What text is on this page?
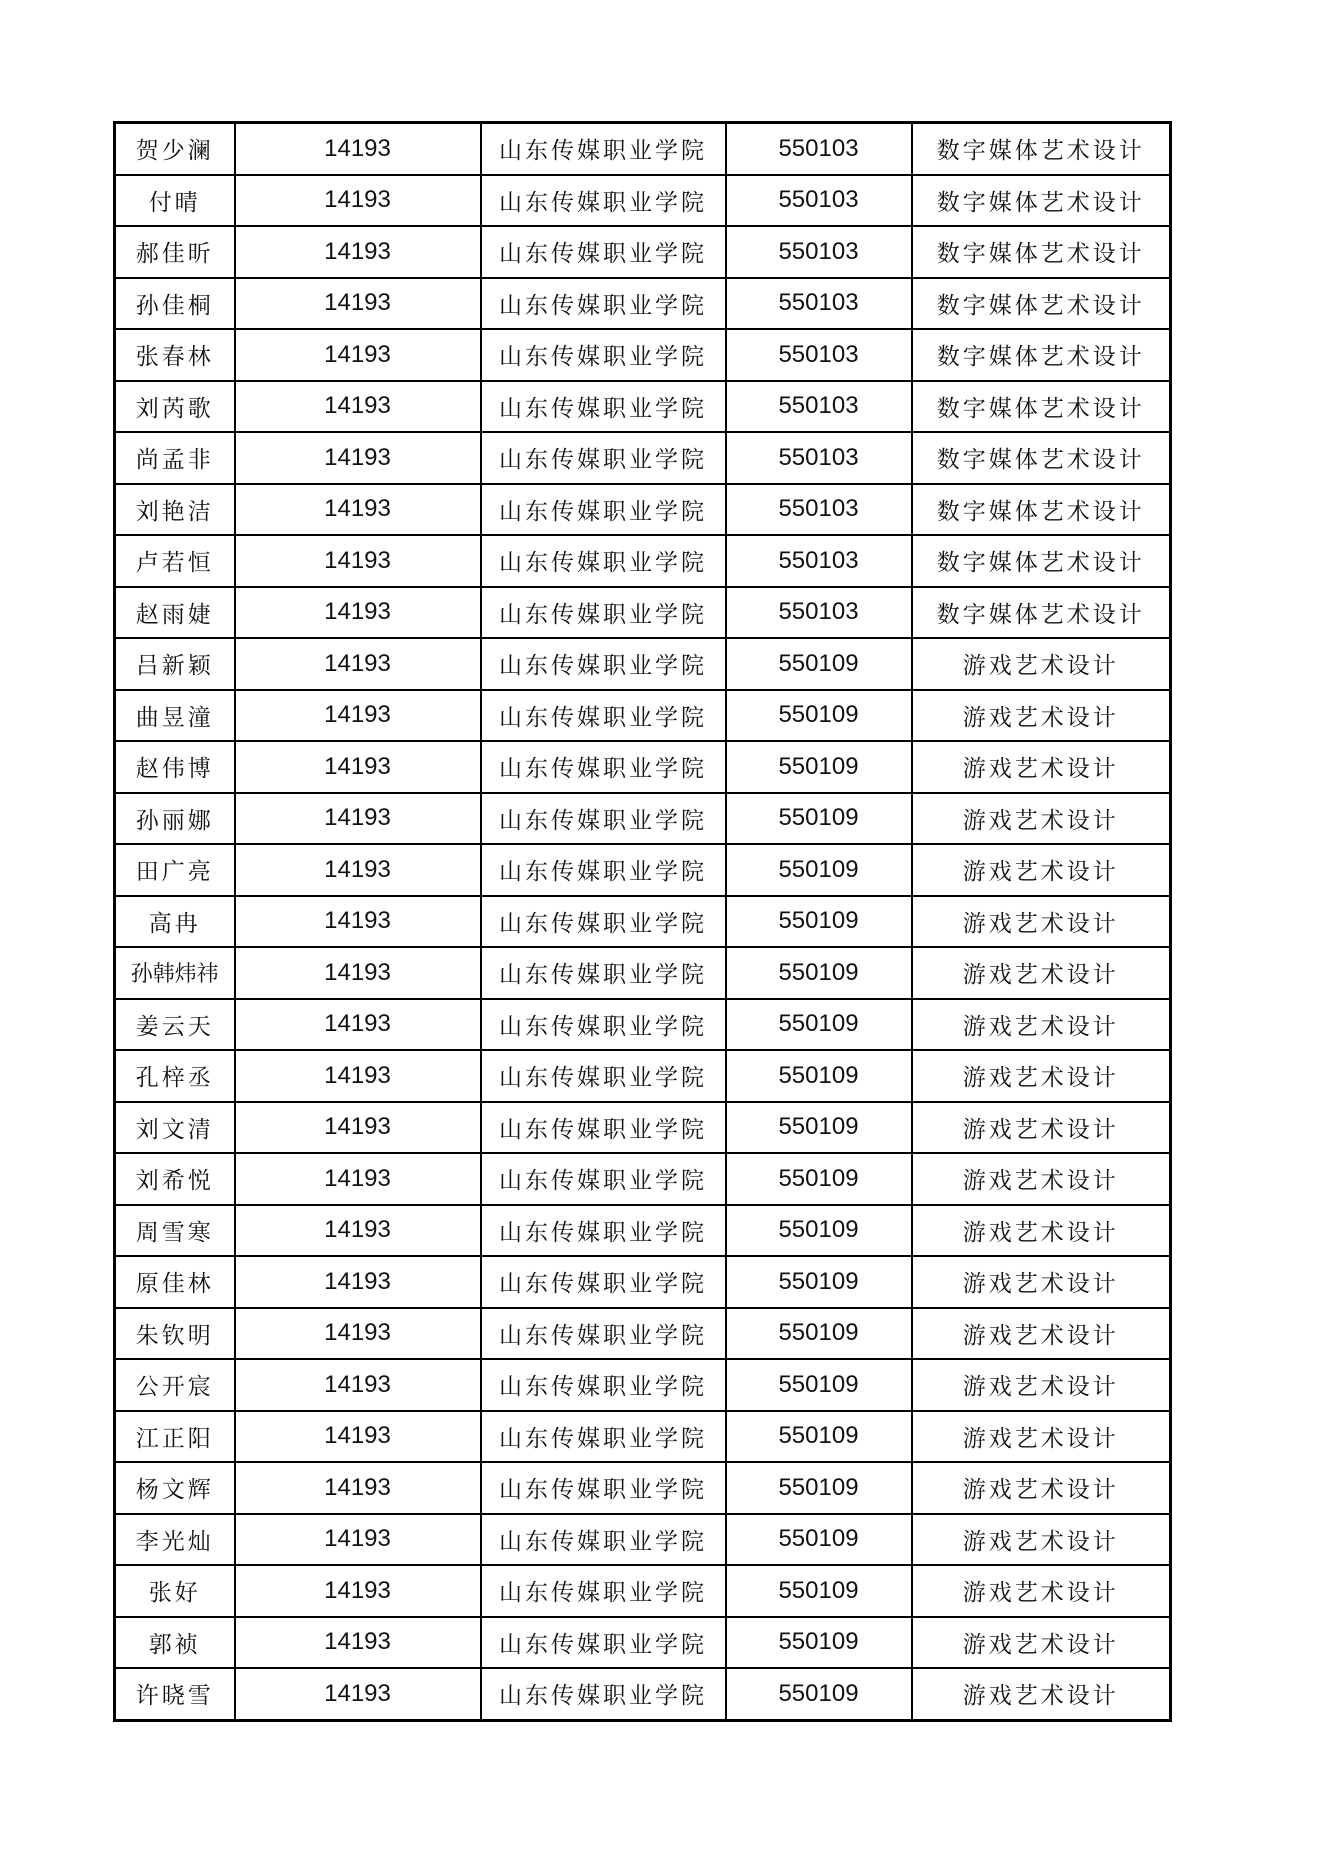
贺少澜	14193	山东传媒职业学院	550103	数字媒体艺术设计
付晴	14193	山东传媒职业学院	550103	数字媒体艺术设计
郝佳昕	14193	山东传媒职业学院	550103	数字媒体艺术设计
孙佳桐	14193	山东传媒职业学院	550103	数字媒体艺术设计
张春林	14193	山东传媒职业学院	550103	数字媒体艺术设计
刘芮歌	14193	山东传媒职业学院	550103	数字媒体艺术设计
尚孟非	14193	山东传媒职业学院	550103	数字媒体艺术设计
刘艳洁	14193	山东传媒职业学院	550103	数字媒体艺术设计
卢若恒	14193	山东传媒职业学院	550103	数字媒体艺术设计
赵雨婕	14193	山东传媒职业学院	550103	数字媒体艺术设计
吕新颖	14193	山东传媒职业学院	550109	游戏艺术设计
曲昱潼	14193	山东传媒职业学院	550109	游戏艺术设计
赵伟博	14193	山东传媒职业学院	550109	游戏艺术设计
孙丽娜	14193	山东传媒职业学院	550109	游戏艺术设计
田广亮	14193	山东传媒职业学院	550109	游戏艺术设计
高冉	14193	山东传媒职业学院	550109	游戏艺术设计
孙韩炜祎	14193	山东传媒职业学院	550109	游戏艺术设计
姜云天	14193	山东传媒职业学院	550109	游戏艺术设计
孔梓丞	14193	山东传媒职业学院	550109	游戏艺术设计
刘文清	14193	山东传媒职业学院	550109	游戏艺术设计
刘希悦	14193	山东传媒职业学院	550109	游戏艺术设计
周雪寒	14193	山东传媒职业学院	550109	游戏艺术设计
原佳林	14193	山东传媒职业学院	550109	游戏艺术设计
朱钦明	14193	山东传媒职业学院	550109	游戏艺术设计
公开宸	14193	山东传媒职业学院	550109	游戏艺术设计
江正阳	14193	山东传媒职业学院	550109	游戏艺术设计
杨文辉	14193	山东传媒职业学院	550109	游戏艺术设计
李光灿	14193	山东传媒职业学院	550109	游戏艺术设计
张好	14193	山东传媒职业学院	550109	游戏艺术设计
郭祯	14193	山东传媒职业学院	550109	游戏艺术设计
许晓雪	14193	山东传媒职业学院	550109	游戏艺术设计
